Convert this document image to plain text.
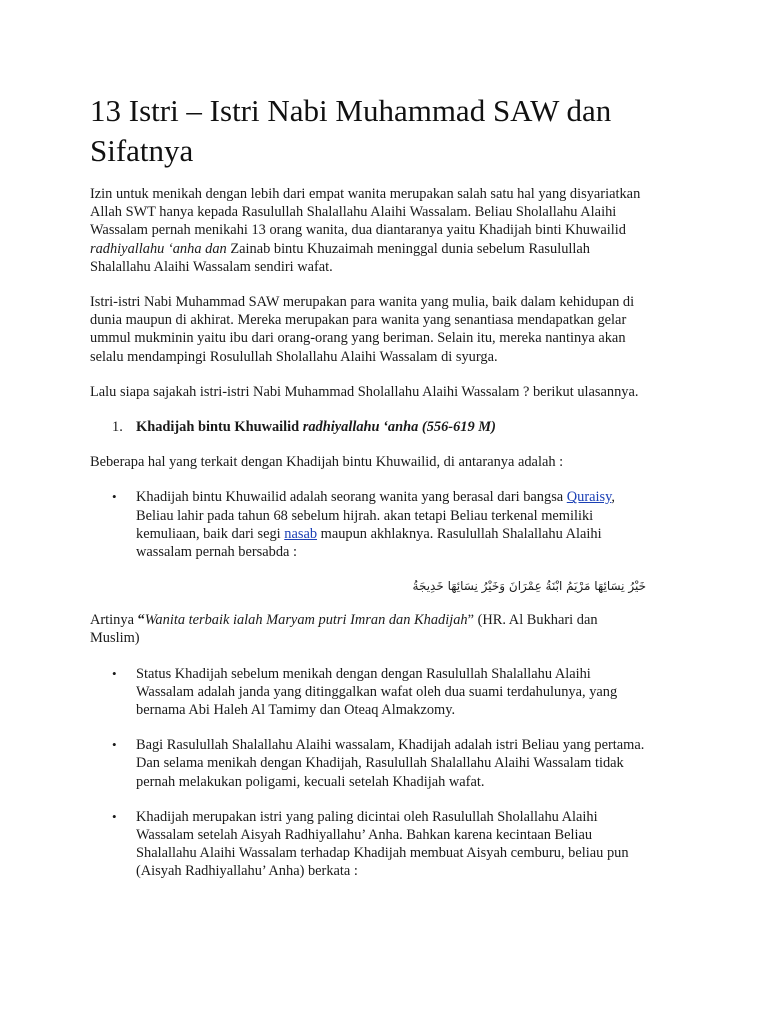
13 Istri – Istri Nabi Muhammad SAW dan Sifatnya

Izin untuk menikah dengan lebih dari empat wanita merupakan salah satu hal yang disyariatkan Allah SWT hanya kepada Rasulullah Shalallahu Alaihi Wassalam. Beliau Sholallahu Alaihi Wassalam pernah menikahi 13 orang wanita, dua diantaranya yaitu Khadijah binti Khuwailid radhiyallahu ‘anha dan Zainab bintu Khuzaimah meninggal dunia sebelum Rasulullah Shalallahu Alaihi Wassalam sendiri wafat.

Istri-istri Nabi Muhammad SAW merupakan para wanita yang mulia, baik dalam kehidupan di dunia maupun di akhirat. Mereka merupakan para wanita yang senantiasa mendapatkan gelar ummul mukminin yaitu ibu dari orang-orang yang beriman. Selain itu, mereka nantinya akan selalu mendampingi Rosulullah Sholallahu Alaihi Wassalam di syurga.

Lalu siapa sajakah istri-istri Nabi Muhammad Sholallahu Alaihi Wassalam ? berikut ulasannya.

1. Khadijah bintu Khuwailid radhiyallahu ‘anha (556-619 M)

Beberapa hal yang terkait dengan Khadijah bintu Khuwailid, di antaranya adalah :

• Khadijah bintu Khuwailid adalah seorang wanita yang berasal dari bangsa Quraisy, Beliau lahir pada tahun 68 sebelum hijrah. akan tetapi Beliau terkenal memiliki kemuliaan, baik dari segi nasab maupun akhlaknya. Rasulullah Shalallahu Alaihi wassalam pernah bersabda :

خَيْرُ نِسَائِهَا مَرْيَمُ ابْنَةُ عِمْرَانَ وَخَيْرُ نِسَائِهَا خَدِيجَةُ

Artinya “Wanita terbaik ialah Maryam putri Imran dan Khadijah” (HR. Al Bukhari dan Muslim)

• Status Khadijah sebelum menikah dengan dengan Rasulullah Shalallahu Alaihi Wassalam adalah janda yang ditinggalkan wafat oleh dua suami terdahulunya, yang bernama Abi Haleh Al Tamimy dan Oteaq Almakzomy.
• Bagi Rasulullah Shalallahu Alaihi wassalam, Khadijah adalah istri Beliau yang pertama. Dan selama menikah dengan Khadijah, Rasulullah Shalallahu Alaihi Wassalam tidak pernah melakukan poligami, kecuali setelah Khadijah wafat.
• Khadijah merupakan istri yang paling dicintai oleh Rasulullah Sholallahu Alaihi Wassalam setelah Aisyah Radhiyallahu’ Anha. Bahkan karena kecintaan Beliau Shalallahu Alaihi Wassalam terhadap Khadijah membuat Aisyah cemburu, beliau pun (Aisyah Radhiyallahu’ Anha) berkata :
